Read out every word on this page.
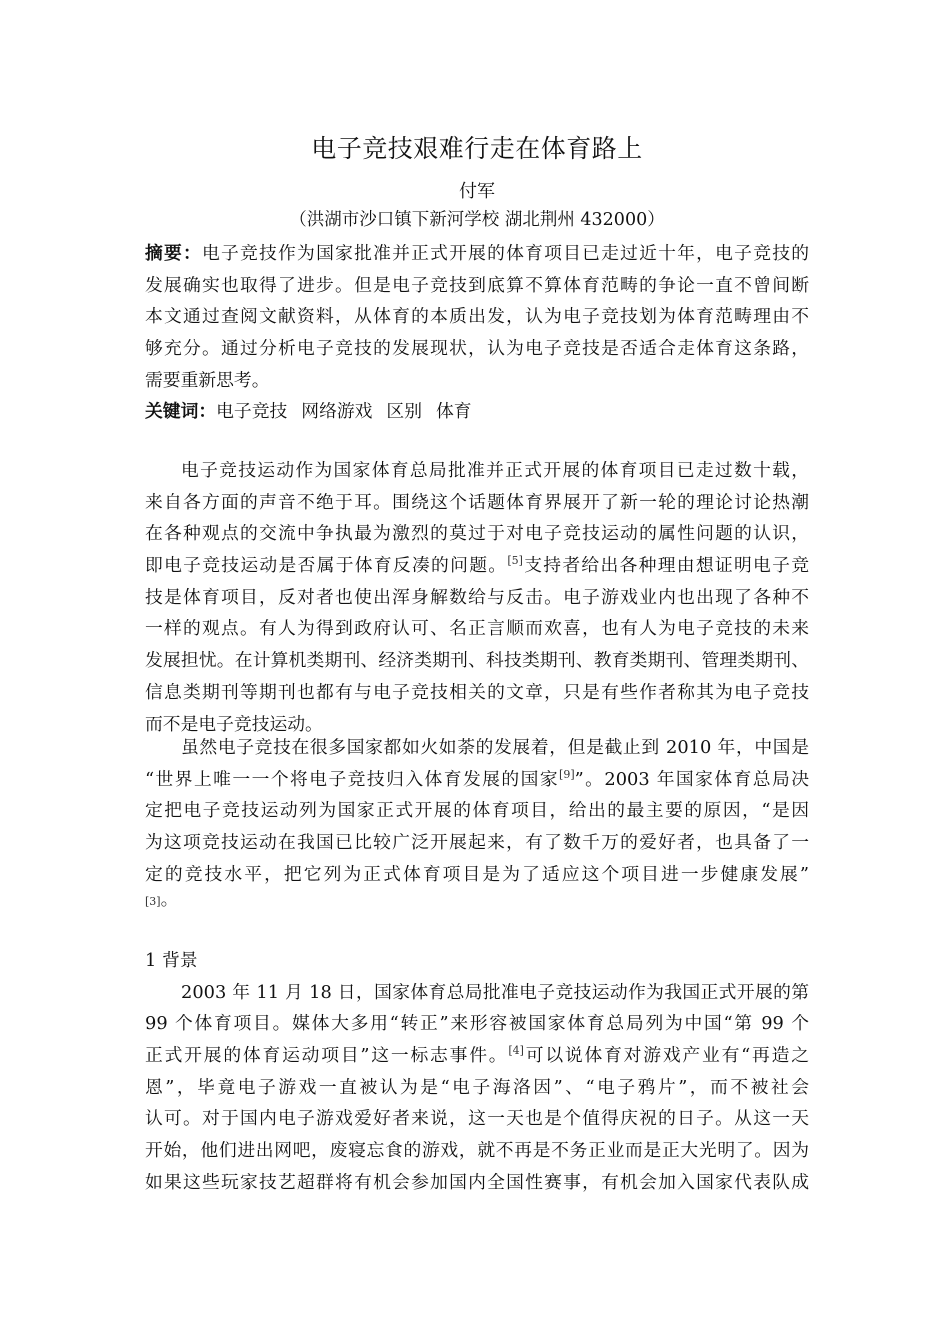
电子竞技艰难行走在体育路上
付军
（洪湖市沙口镇下新河学校 湖北荆州 432000）
摘要：电子竞技作为国家批准并正式开展的体育项目已走过近十年，电子竞技的
发展确实也取得了进步。但是电子竞技到底算不算体育范畴的争论一直不曾间断
本文通过查阅文献资料，从体育的本质出发，认为电子竞技划为体育范畴理由不
够充分。通过分析电子竞技的发展现状，认为电子竞技是否适合走体育这条路，
需要重新思考。
关键词：电子竞技 网络游戏 区别 体育
电子竞技运动作为国家体育总局批准并正式开展的体育项目已走过数十载，
来自各方面的声音不绝于耳。围绕这个话题体育界展开了新一轮的理论讨论热潮
在各种观点的交流中争执最为激烈的莫过于对电子竞技运动的属性问题的认识，
即电子竞技运动是否属于体育反凑的问题。[5]支持者给出各种理由想证明电子竞
技是体育项目，反对者也使出浑身解数给与反击。电子游戏业内也出现了各种不
一样的观点。有人为得到政府认可、名正言顺而欢喜，也有人为电子竞技的未来
发展担忧。在计算机类期刊、经济类期刊、科技类期刊、教育类期刊、管理类期刊、
信息类期刊等期刊也都有与电子竞技相关的文章，只是有些作者称其为电子竞技
而不是电子竞技运动。
虽然电子竞技在很多国家都如火如荼的发展着，但是截止到 2010 年，中国是
“世界上唯一一个将电子竞技归入体育发展的国家[9]”。2003 年国家体育总局决
定把电子竞技运动列为国家正式开展的体育项目，给出的最主要的原因，“是因
为这项竞技运动在我国已比较广泛开展起来，有了数千万的爱好者，也具备了一
定的竞技水平，把它列为正式体育项目是为了适应这个项目进一步健康发展”
[3]。
1 背景
2003 年 11 月 18 日，国家体育总局批准电子竞技运动作为我国正式开展的第
99 个体育项目。媒体大多用“转正”来形容被国家体育总局列为中国“第 99 个
正式开展的体育运动项目”这一标志事件。[4]可以说体育对游戏产业有“再造之
恩”，毕竟电子游戏一直被认为是“电子海洛因”、“电子鸦片”，而不被社会
认可。对于国内电子游戏爱好者来说，这一天也是个值得庆祝的日子。从这一天
开始，他们进出网吧，废寝忘食的游戏，就不再是不务正业而是正大光明了。因为
如果这些玩家技艺超群将有机会参加国内全国性赛事，有机会加入国家代表队成
